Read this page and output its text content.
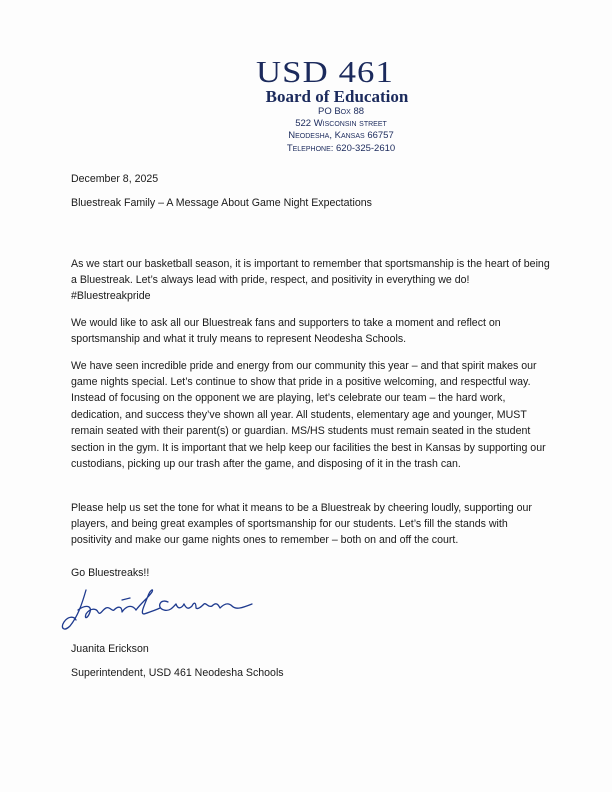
USD 461
Board of Education
PO Box 88
522 Wisconsin street
Neodesha, Kansas 66757
Telephone: 620-325-2610
December 8, 2025
Bluestreak Family – A Message About Game Night Expectations

As we start our basketball season, it is important to remember that sportsmanship is the heart of being a Bluestreak. Let’s always lead with pride, respect, and positivity in everything we do! #Bluestreakpride

We would like to ask all our Bluestreak fans and supporters to take a moment and reflect on sportsmanship and what it truly means to represent Neodesha Schools.

We have seen incredible pride and energy from our community this year – and that spirit makes our game nights special. Let’s continue to show that pride in a positive welcoming, and respectful way. Instead of focusing on the opponent we are playing, let’s celebrate our team – the hard work, dedication, and success they’ve shown all year. All students, elementary age and younger, MUST remain seated with their parent(s) or guardian. MS/HS students must remain seated in the student section in the gym. It is important that we help keep our facilities the best in Kansas by supporting our custodians, picking up our trash after the game, and disposing of it in the trash can.

Please help us set the tone for what it means to be a Bluestreak by cheering loudly, supporting our players, and being great examples of sportsmanship for our students. Let’s fill the stands with positivity and make our game nights ones to remember – both on and off the court.

Go Bluestreaks!!
Juanita Erickson
Superintendent, USD 461 Neodesha Schools
